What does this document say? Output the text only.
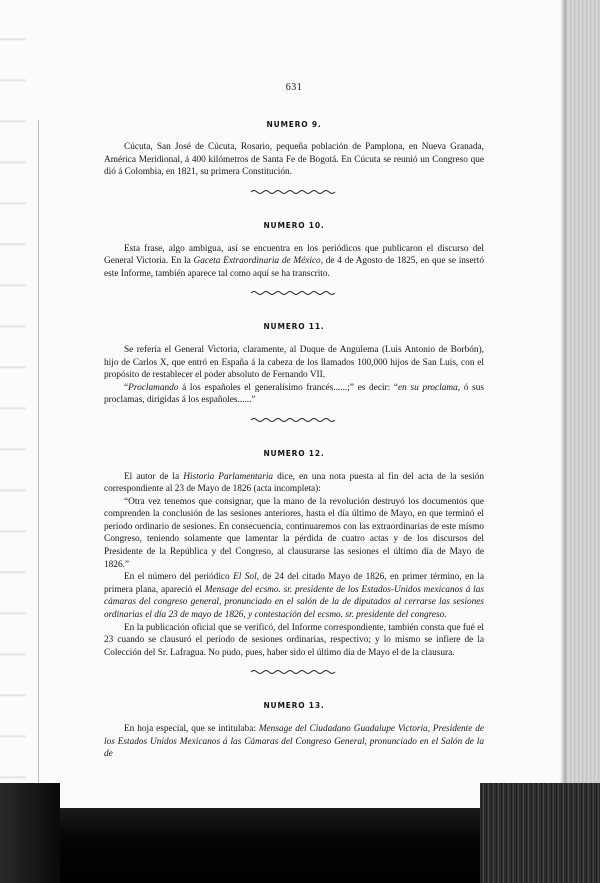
631
NUMERO 9.

Cúcuta, San José de Cúcuta, Rosario, pequeña población de Pamplona, en Nueva Granada, América Meridional, á 400 kilómetros de Santa Fe de Bogotá. En Cúcuta se reunió un Congreso que dió á Colombia, en 1821, su primera Constitución.

NUMERO 10.

Esta frase, algo ambigua, así se encuentra en los periódicos que publicaron el discurso del General Victoria. En la Gaceta Extraordinaria de México, de 4 de Agosto de 1825, en que se insertó este Informe, también aparece tal como aquí se ha transcrito.

NUMERO 11.

Se refería el General Victoria, claramente, al Duque de Angulema (Luis Antonio de Borbón), hijo de Carlos X, que entró en España á la cabeza de los llamados 100,000 hijos de San Luis, con el propósito de restablecer el poder absoluto de Fernando VII.

“Proclamando á los españoles el generalísimo francés......;” es decir: “en su proclama, ó sus proclamas, dirigidas á los españoles......”

NUMERO 12.

El autor de la Historia Parlamentaria dice, en una nota puesta al fin del acta de la sesión correspondiente al 23 de Mayo de 1826 (acta incompleta):

“Otra vez tenemos que consignar, que la mano de la revolución destruyó los documentos que comprenden la conclusión de las sesiones anteriores, hasta el día último de Mayo, en que terminó el período ordinario de sesiones. En consecuencia, continuaremos con las extraordinarias de este mismo Congreso, teniendo solamente que lamentar la pérdida de cuatro actas y de los discursos del Presidente de la República y del Congreso, al clausurarse las sesiones el último día de Mayo de 1826.”

En el número del periódico El Sol, de 24 del citado Mayo de 1826, en primer término, en la primera plana, apareció el Mensage del ecsmo. sr. presidente de los Estados-Unidos mexicanos á las cámaras del congreso general, pronunciado en el salón de la de diputados al cerrarse las sesiones ordinarias el día 23 de mayo de 1826, y contestación del ecsmo. sr. presidente del congreso.

En la publicación oficial que se verificó, del Informe correspondiente, también consta que fué el 23 cuando se clausuró el período de sesiones ordinarias, respectivo; y lo mismo se infiere de la Colección del Sr. Lafragua. No pudo, pues, haber sido el último día de Mayo el de la clausura.

NUMERO 13.

En hoja especial, que se intitulaba: Mensage del Ciudadano Guadalupe Victoria, Presidente de los Estados Unidos Mexicanos á las Cámaras del Congreso General, pronunciado en el Salón de la de
